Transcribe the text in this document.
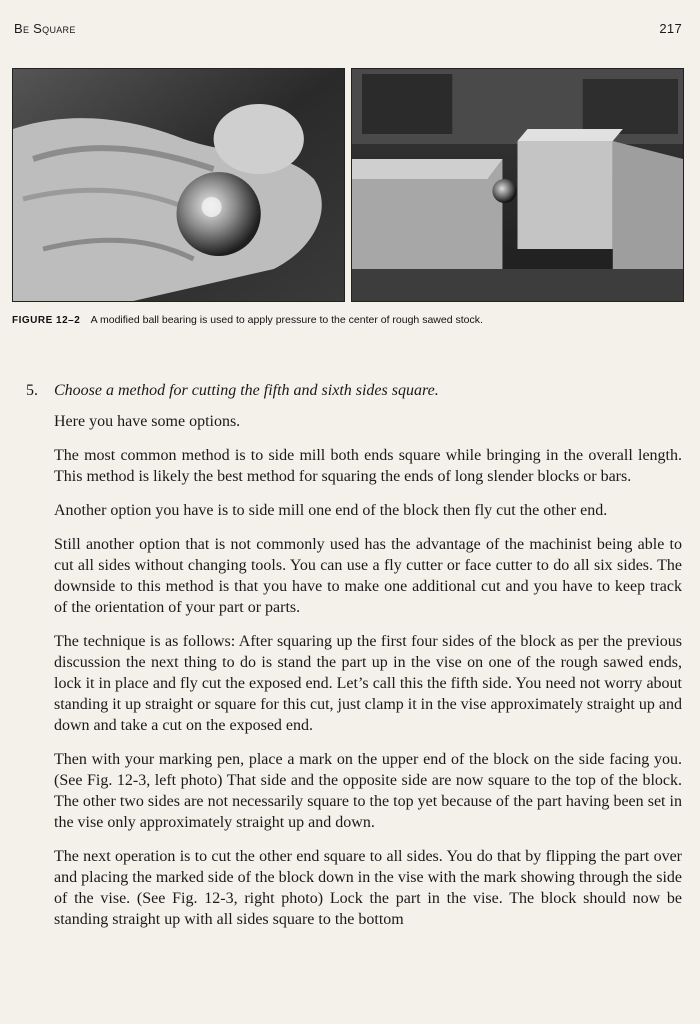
Be Square	217
FIGURE 12–2 A modified ball bearing is used to apply pressure to the center of rough sawed stock.
5.	Choose a method for cutting the fifth and sixth sides square.

Here you have some options.

The most common method is to side mill both ends square while bringing in the overall length. This method is likely the best method for squaring the ends of long slender blocks or bars.

Another option you have is to side mill one end of the block then fly cut the other end.

Still another option that is not commonly used has the advantage of the machinist being able to cut all sides without changing tools. You can use a fly cutter or face cutter to do all six sides. The downside to this method is that you have to make one additional cut and you have to keep track of the orientation of your part or parts.

The technique is as follows: After squaring up the first four sides of the block as per the previous discussion the next thing to do is stand the part up in the vise on one of the rough sawed ends, lock it in place and fly cut the exposed end. Let’s call this the fifth side. You need not worry about standing it up straight or square for this cut, just clamp it in the vise approximately straight up and down and take a cut on the exposed end.

Then with your marking pen, place a mark on the upper end of the block on the side facing you. (See Fig. 12-3, left photo) That side and the opposite side are now square to the top of the block. The other two sides are not necessarily square to the top yet because of the part having been set in the vise only approximately straight up and down.

The next operation is to cut the other end square to all sides. You do that by flipping the part over and placing the marked side of the block down in the vise with the mark showing through the side of the vise. (See Fig. 12-3, right photo) Lock the part in the vise. The block should now be standing straight up with all sides square to the bottom
